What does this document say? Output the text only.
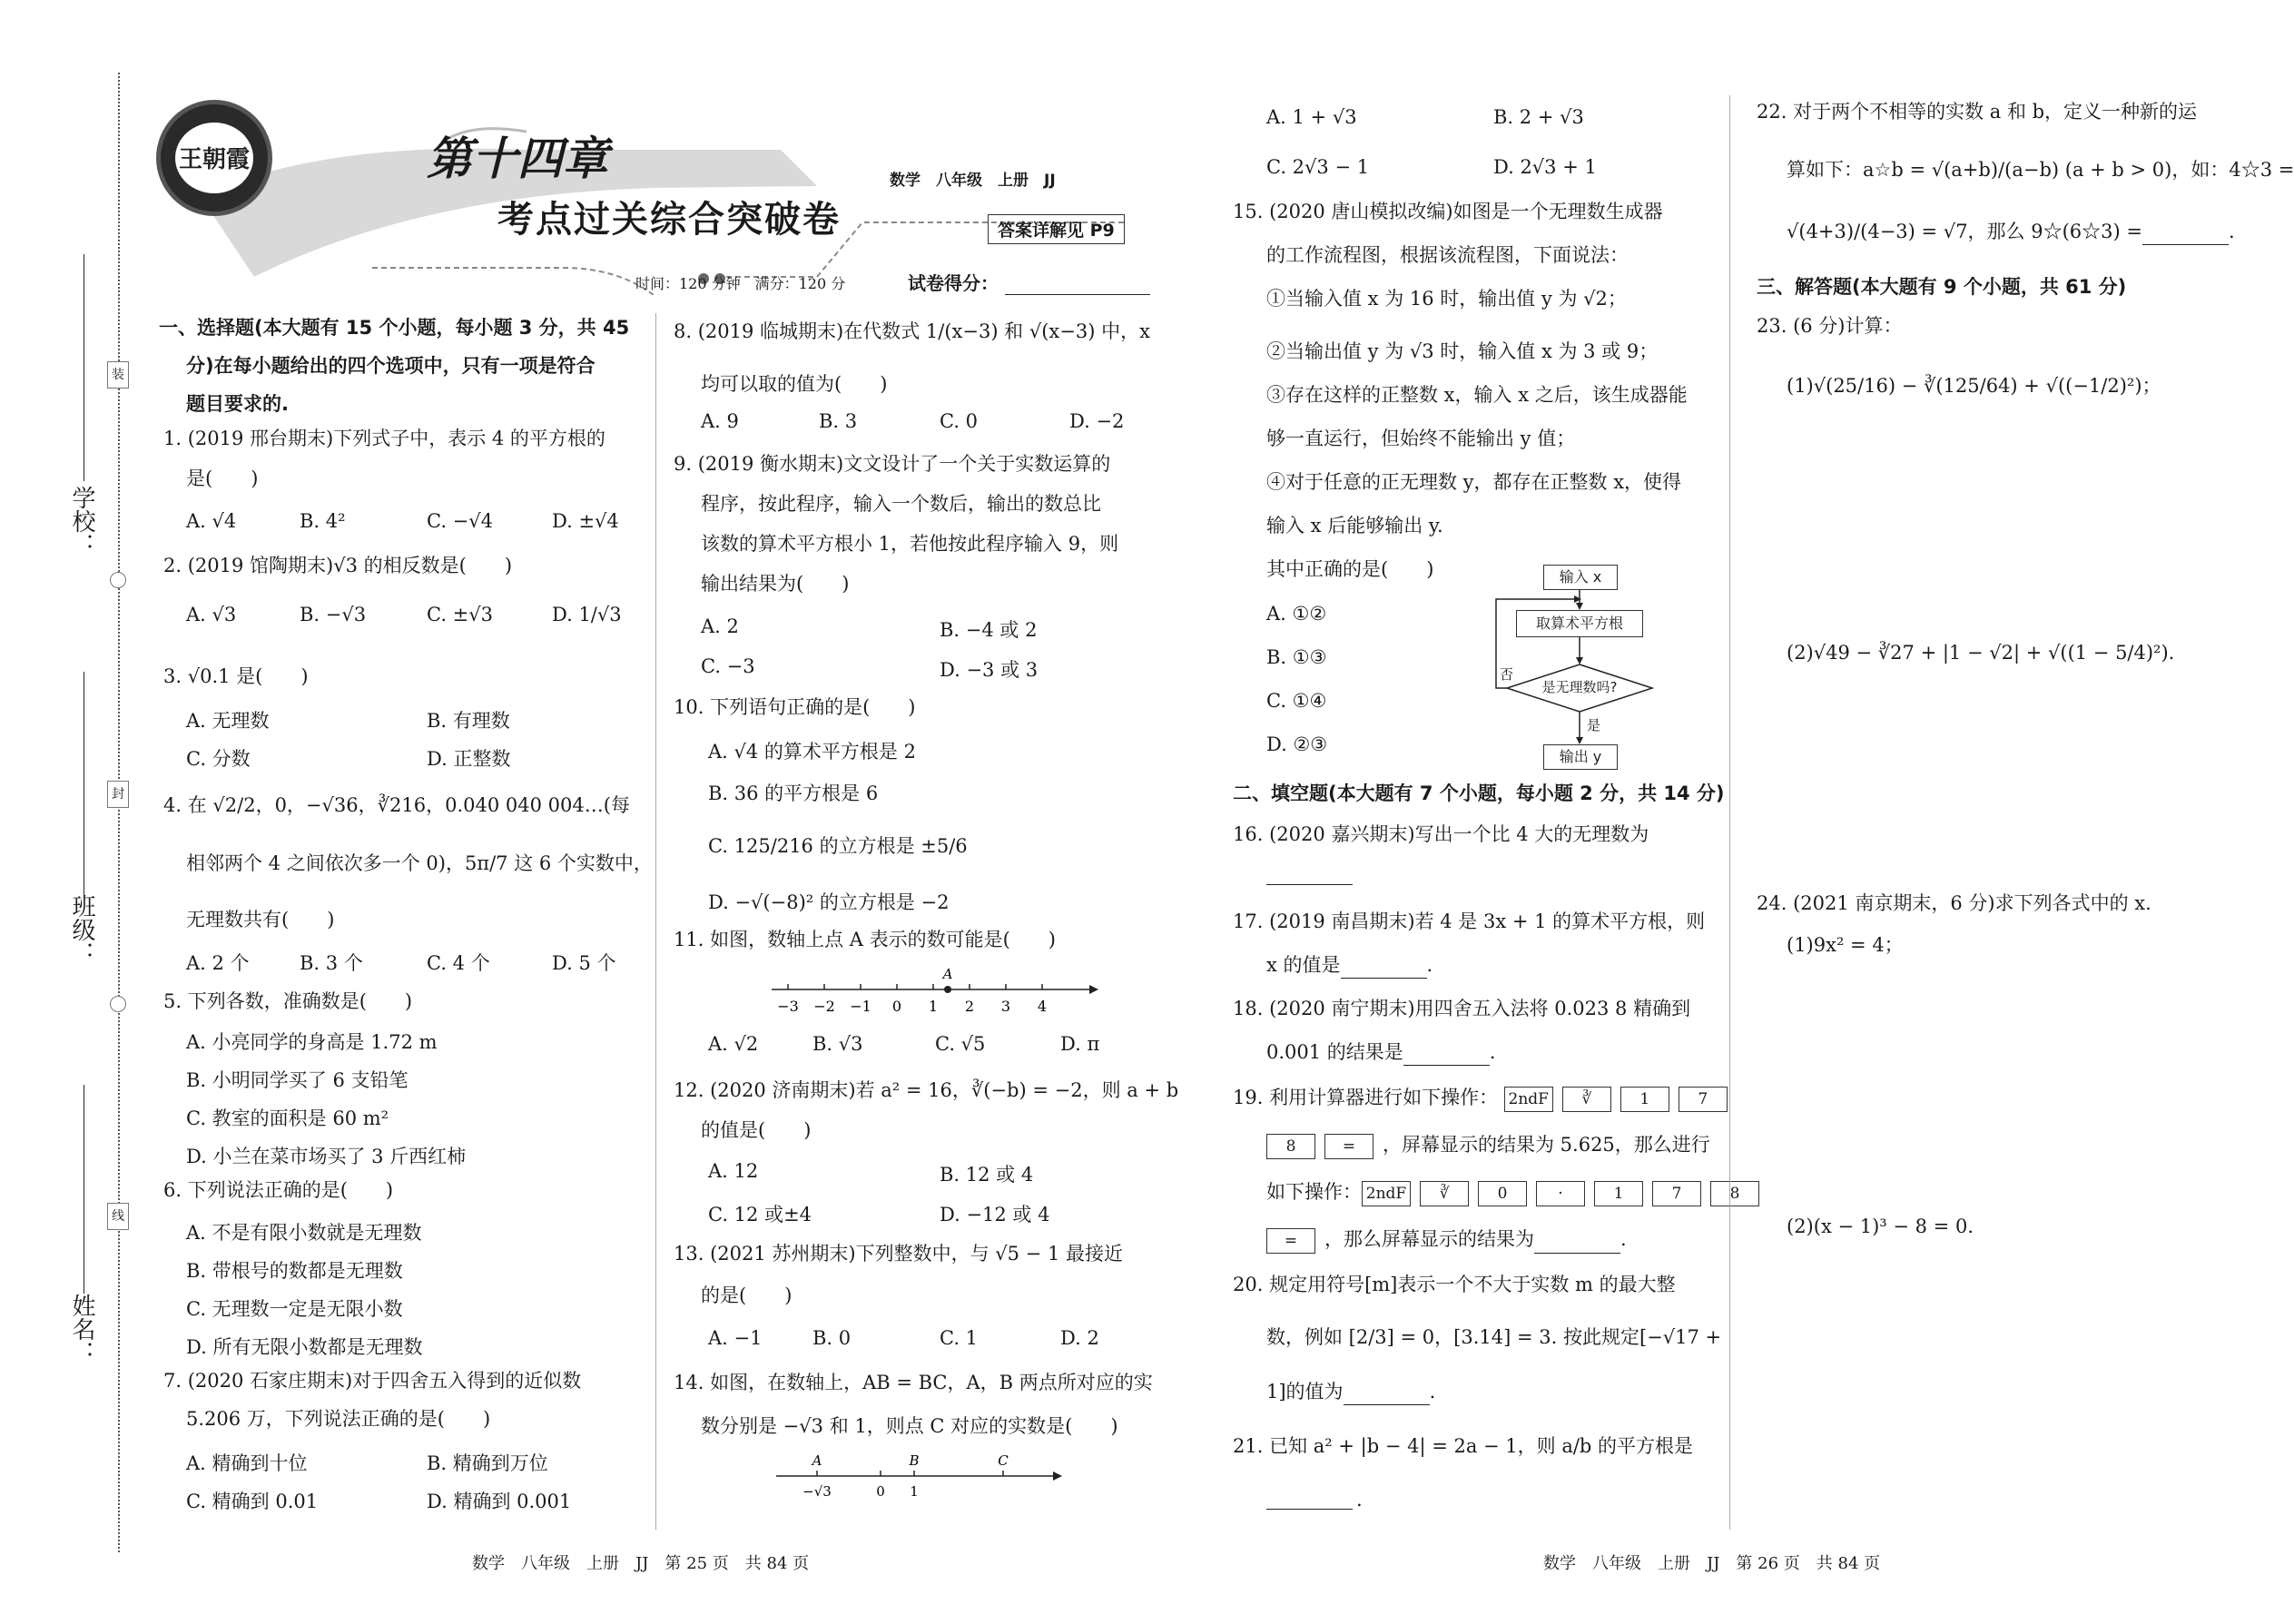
学校：
班级：
姓名：
装
封
线
王朝霞	第十四章
考点过关综合突破卷
数学　八年级　上册　JJ
答案详解见 P9
时间：120 分钟　满分：120 分	试卷得分：
一、选择题(本大题有 15 个小题，每小题 3 分，共 45
分)在每小题给出的四个选项中，只有一项是符合
题目要求的.
1. (2019 邢台期末)下列式子中，表示 4 的平方根的
是(　　)
A. √4	B. 4²	C. −√4	D. ±√4
2. (2019 馆陶期末)√3 的相反数是(　　)
A. √3	B. −√3	C. ±√3	D. 1/√3
3. √0.1 是(　　)
A. 无理数	B. 有理数
C. 分数	D. 正整数
4. 在 √2/2，0，−√36，∛216，0.040 040 004…(每
相邻两个 4 之间依次多一个 0)，5π/7 这 6 个实数中，
无理数共有(　　)
A. 2 个	B. 3 个	C. 4 个	D. 5 个
5. 下列各数，准确数是(　　)
A. 小亮同学的身高是 1.72 m
B. 小明同学买了 6 支铅笔
C. 教室的面积是 60 m²
D. 小兰在菜市场买了 3 斤西红柿
6. 下列说法正确的是(　　)
A. 不是有限小数就是无理数
B. 带根号的数都是无理数
C. 无理数一定是无限小数
D. 所有无限小数都是无理数
7. (2020 石家庄期末)对于四舍五入得到的近似数
5.206 万，下列说法正确的是(　　)
A. 精确到十位	B. 精确到万位
C. 精确到 0.01	D. 精确到 0.001
8. (2019 临城期末)在代数式 1/(x−3) 和 √(x−3) 中，x
均可以取的值为(　　)
A. 9	B. 3	C. 0	D. −2
9. (2019 衡水期末)文文设计了一个关于实数运算的
程序，按此程序，输入一个数后，输出的数总比
该数的算术平方根小 1，若他按此程序输入 9，则
输出结果为(　　)
A. 2	B. −4 或 2
C. −3	D. −3 或 3
10. 下列语句正确的是(　　)
A. √4 的算术平方根是 2
B. 36 的平方根是 6
C. 125/216 的立方根是 ±5/6
D. −√(−8)² 的立方根是 −2
11. 如图，数轴上点 A 表示的数可能是(　　)
−3 −2 −1 0 1 2 3 4
A
A. √2	B. √3	C. √5	D. π
12. (2020 济南期末)若 a² = 16，∛(−b) = −2，则 a + b
的值是(　　)
A. 12	B. 12 或 4
C. 12 或±4	D. −12 或 4
13. (2021 苏州期末)下列整数中，与 √5 − 1 最接近
的是(　　)
A. −1	B. 0	C. 1	D. 2
14. 如图，在数轴上，AB = BC，A，B 两点所对应的实
数分别是 −√3 和 1，则点 C 对应的实数是(　　)
A
−√3	0
B
1
C
A. 1 + √3	B. 2 + √3
C. 2√3 − 1	D. 2√3 + 1
15. (2020 唐山模拟改编)如图是一个无理数生成器
的工作流程图，根据该流程图，下面说法：
①当输入值 x 为 16 时，输出值 y 为 √2；
②当输出值 y 为 √3 时，输入值 x 为 3 或 9；
③存在这样的正整数 x，输入 x 之后，该生成器能
够一直运行，但始终不能输出 y 值；
④对于任意的正无理数 y，都存在正整数 x，使得
输入 x 后能够输出 y.
其中正确的是(　　)
A. ①②
B. ①③
C. ①④
D. ②③
输入 x
取算术平方根
是无理数吗?
否
是
输出 y
二、填空题(本大题有 7 个小题，每小题 2 分，共 14 分)
16. (2020 嘉兴期末)写出一个比 4 大的无理数为
17. (2019 南昌期末)若 4 是 3x + 1 的算术平方根，则
x 的值是	.
18. (2020 南宁期末)用四舍五入法将 0.023 8 精确到
0.001 的结果是	.
19. 利用计算器进行如下操作： 2ndF ∛	1	7
8	= ，屏幕显示的结果为 5.625，那么进行
如下操作： 2ndF ∛	0	·	1	7	8
= ，那么屏幕显示的结果为	.
20. 规定用符号[m]表示一个不大于实数 m 的最大整
数，例如 [2/3] = 0，[3.14] = 3. 按此规定[−√17 +
1]的值为	.
21. 已知 a² + |b − 4| = 2a − 1，则 a/b 的平方根是
.
22. 对于两个不相等的实数 a 和 b，定义一种新的运
算如下：a☆b = √(a+b)/(a−b) (a + b > 0)，如：4☆3 =
√(4+3)/(4−3) = √7，那么 9☆(6☆3) =	.
三、解答题(本大题有 9 个小题，共 61 分)
23. (6 分)计算：
(1)√(25/16) − ∛(125/64) + √((−1/2)²)；
(2)√49 − ∛27 + |1 − √2| + √((1 − 5/4)²).
24. (2021 南京期末，6 分)求下列各式中的 x.
(1)9x² = 4；
(2)(x − 1)³ − 8 = 0.
数学　八年级　上册　JJ　第 25 页　共 84 页	数学　八年级　上册　JJ　第 26 页　共 84 页
